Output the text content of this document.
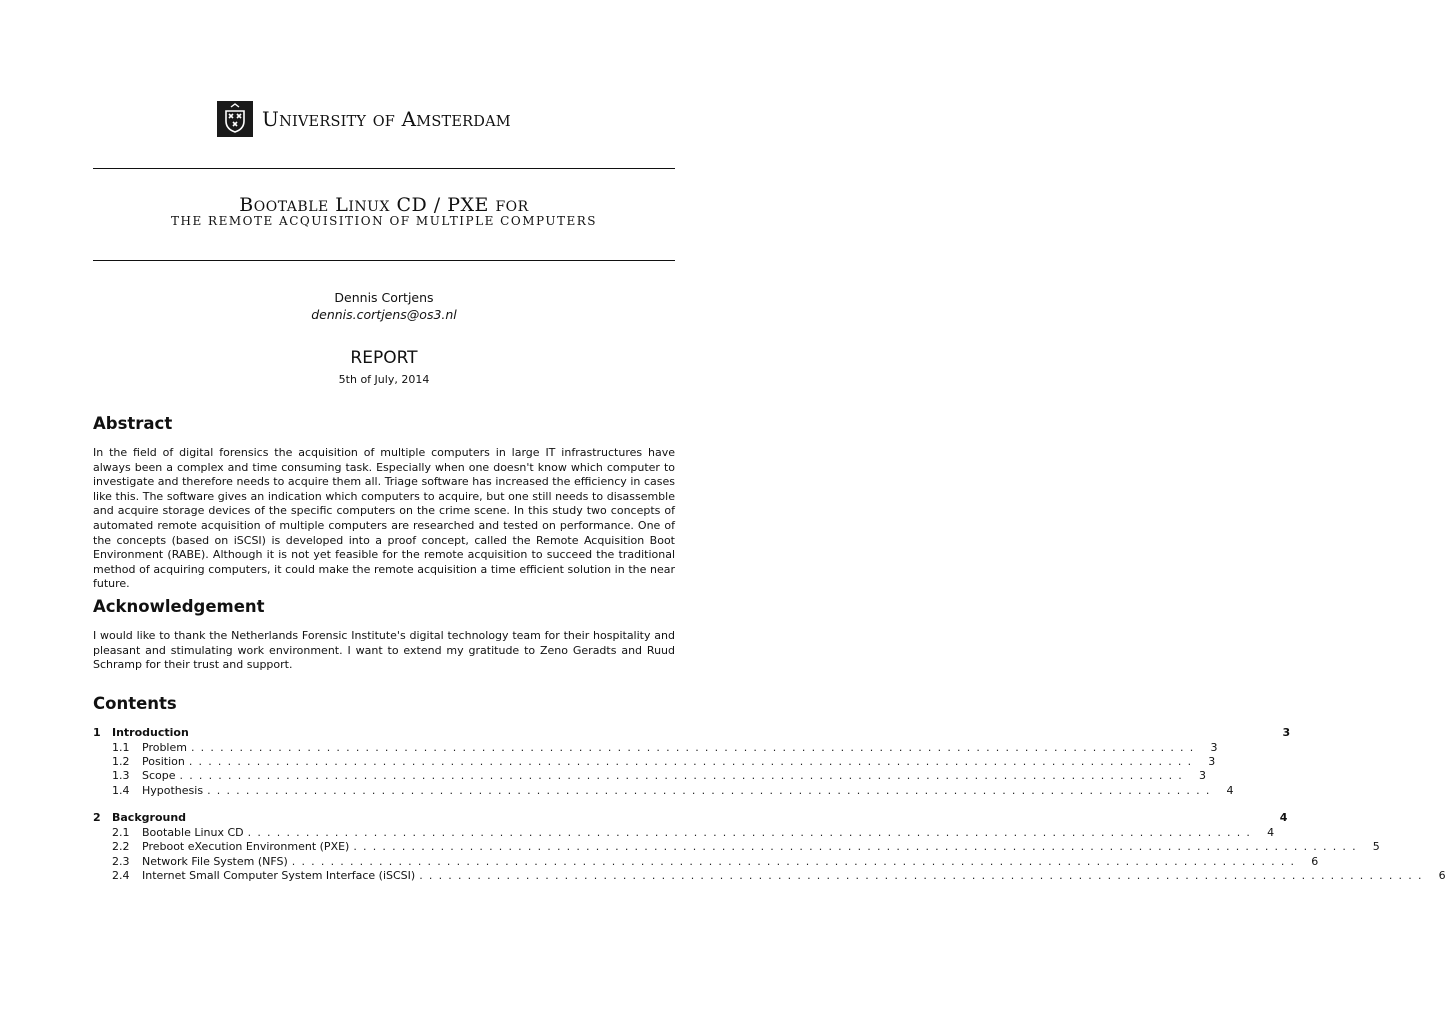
UNIVERSITY OF AMSTERDAM
BOOTABLE LINUX CD / PXE FOR
THE REMOTE ACQUISITION OF MULTIPLE COMPUTERS
Dennis Cortjens
dennis.cortjens@os3.nl
REPORT
5th of July, 2014
Abstract

In the field of digital forensics the acquisition of multiple computers in large IT infrastructures have always been a complex and time consuming task. Especially when one doesn't know which computer to investigate and therefore needs to acquire them all. Triage software has increased the efficiency in cases like this. The software gives an indication which computers to acquire, but one still needs to disassemble and acquire storage devices of the specific computers on the crime scene. In this study two concepts of automated remote acquisition of multiple computers are researched and tested on performance. One of the concepts (based on iSCSI) is developed into a proof concept, called the Remote Acquisition Boot Environment (RABE). Although it is not yet feasible for the remote acquisition to succeed the traditional method of acquiring computers, it could make the remote acquisition a time efficient solution in the near future.

Acknowledgement

I would like to thank the Netherlands Forensic Institute's digital technology team for their hospitality and pleasant and stimulating work environment. I want to extend my gratitude to Zeno Geradts and Ruud Schramp for their trust and support.

Contents
1	Introduction	3
1.1	Problem ........................................................................................................	3
1.2	Position ........................................................................................................	3
1.3	Scope ........................................................................................................	3
1.4	Hypothesis ........................................................................................................	4
2	Background	4
2.1	Bootable Linux CD ........................................................................................................	4
2.2	Preboot eXecution Environment (PXE) ........................................................................................................	5
2.3	Network File System (NFS) ........................................................................................................	6
2.4	Internet Small Computer System Interface (iSCSI) ........................................................................................................	6
